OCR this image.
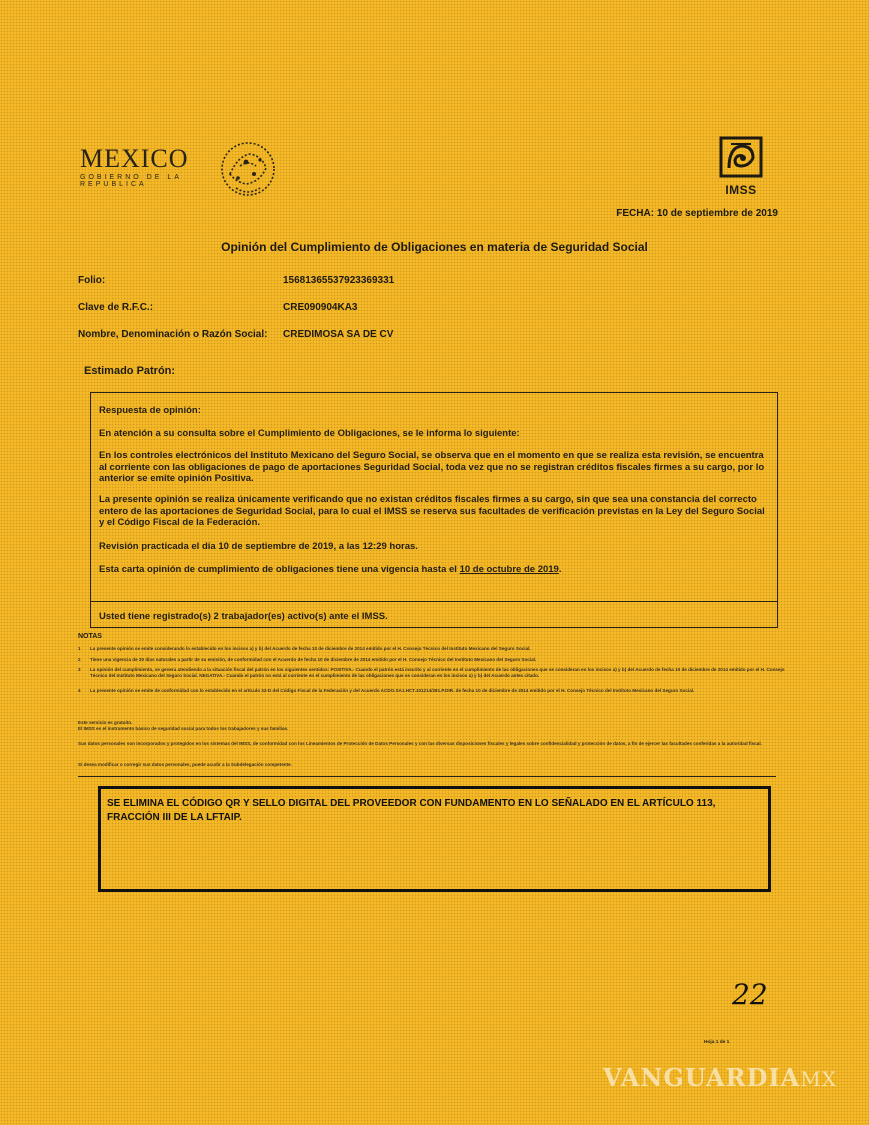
MEXICO
GOBIERNO DE LA REPUBLICA	IMSS
FECHA: 10 de septiembre de 2019
Opinión del Cumplimiento de Obligaciones en materia de Seguridad Social
Folio:	15681365537923369331
Clave de R.F.C.:	CRE090904KA3
Nombre, Denominación o Razón Social: CREDIMOSA SA DE CV
Estimado Patrón:
Respuesta de opinión:
En atención a su consulta sobre el Cumplimiento de Obligaciones, se le informa lo siguiente:
En los controles electrónicos del Instituto Mexicano del Seguro Social, se observa que en el momento en que se realiza esta revisión, se encuentra al corriente con las obligaciones de pago de aportaciones Seguridad Social, toda vez que no se registran créditos fiscales firmes a su cargo, por lo anterior se emite opinión Positiva.
La presente opinión se realiza únicamente verificando que no existan créditos fiscales firmes a su cargo, sin que sea una constancia del correcto entero de las aportaciones de Seguridad Social, para lo cual el IMSS se reserva sus facultades de verificación previstas en la Ley del Seguro Social y el Código Fiscal de la Federación.
Revisión practicada el día 10 de septiembre de 2019, a las 12:29 horas.
Esta carta opinión de cumplimiento de obligaciones tiene una vigencia hasta el 10 de octubre de 2019.
Usted tiene registrado(s) 2 trabajador(es) activo(s) ante el IMSS.
NOTAS
1 La presente opinión se emite considerando lo establecido en los incisos a) y b) del Acuerdo de fecha 10 de diciembre de 2014 emitido por el H. Consejo Técnico del Instituto Mexicano del Seguro Social.
2 Tiene una vigencia de 30 días naturales a partir de su emisión, de conformidad con el Acuerdo de fecha 10 de diciembre de 2014 emitido por el H. Consejo Técnico del Instituto Mexicano del Seguro Social.
3 La opinión del cumplimiento, se genera atendiendo a la situación fiscal del patrón en los siguientes sentidos: POSITIVA.- Cuando el patrón está inscrito y al corriente en el cumplimiento de las obligaciones que se consideran en los incisos a) y b) del Acuerdo de fecha 10 de diciembre de 2014 emitido por el H. Consejo Técnico del Instituto Mexicano del Seguro Social. NEGATIVA.- Cuando el patrón no está al corriente en el cumplimiento de las obligaciones que se consideran en los incisos a) y b) del Acuerdo antes citado.
4 La presente opinión se emite de conformidad con lo establecido en el artículo 32-D del Código Fiscal de la Federación y del Acuerdo ACDO.SA1.HCT.101214/281.P.DIR. de fecha 10 de diciembre de 2014 emitido por el H. Consejo Técnico del Instituto Mexicano del Seguro Social.
Este servicio es gratuito.
El IMSS es el instrumento básico de seguridad social para todos los trabajadores y sus familias.
Sus datos personales son incorporados y protegidos en los sistemas del IMSS, de conformidad con los Lineamientos de Protección de Datos Personales y con las diversas disposiciones fiscales y legales sobre confidencialidad y protección de datos, a fin de ejercer las facultades conferidas a la autoridad fiscal.
Si desea modificar o corregir sus datos personales, puede acudir a la Subdelegación competente.
SE ELIMINA EL CÓDIGO QR Y SELLO DIGITAL DEL PROVEEDOR CON FUNDAMENTO EN LO SEÑALADO EN EL ARTÍCULO 113, FRACCIÓN III DE LA LFTAIP.
22
Hoja 1 de 1
VANGUARDIAMX
